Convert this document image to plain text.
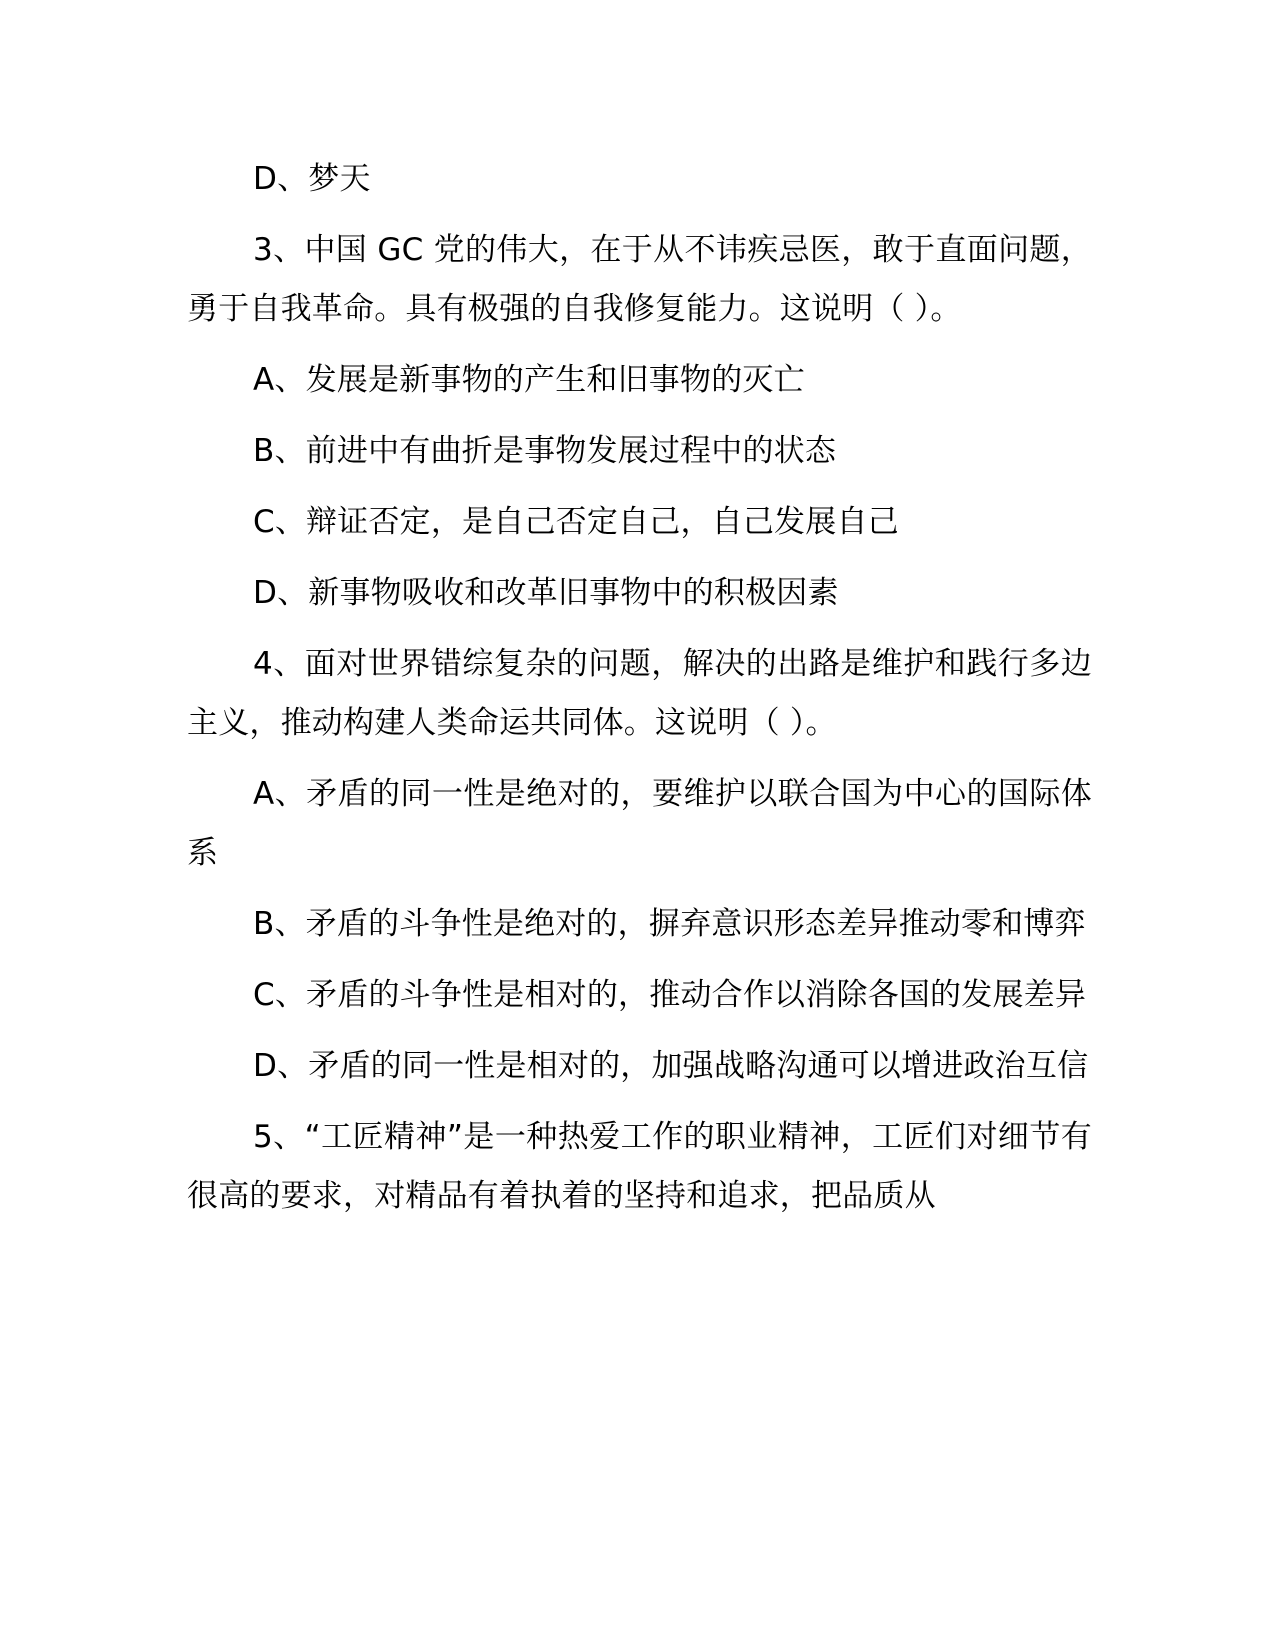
D、梦天

3、中国 GC 党的伟大，在于从不讳疾忌医，敢于直面问题，勇于自我革命。具有极强的自我修复能力。这说明（ ）。

A、发展是新事物的产生和旧事物的灭亡

B、前进中有曲折是事物发展过程中的状态

C、辩证否定，是自己否定自己，自己发展自己

D、新事物吸收和改革旧事物中的积极因素

4、面对世界错综复杂的问题，解决的出路是维护和践行多边主义，推动构建人类命运共同体。这说明（ ）。

A、矛盾的同一性是绝对的，要维护以联合国为中心的国际体系

B、矛盾的斗争性是绝对的，摒弃意识形态差异推动零和博弈

C、矛盾的斗争性是相对的，推动合作以消除各国的发展差异

D、矛盾的同一性是相对的，加强战略沟通可以增进政治互信

5、“工匠精神”是一种热爱工作的职业精神，工匠们对细节有很高的要求，对精品有着执着的坚持和追求，把品质从
